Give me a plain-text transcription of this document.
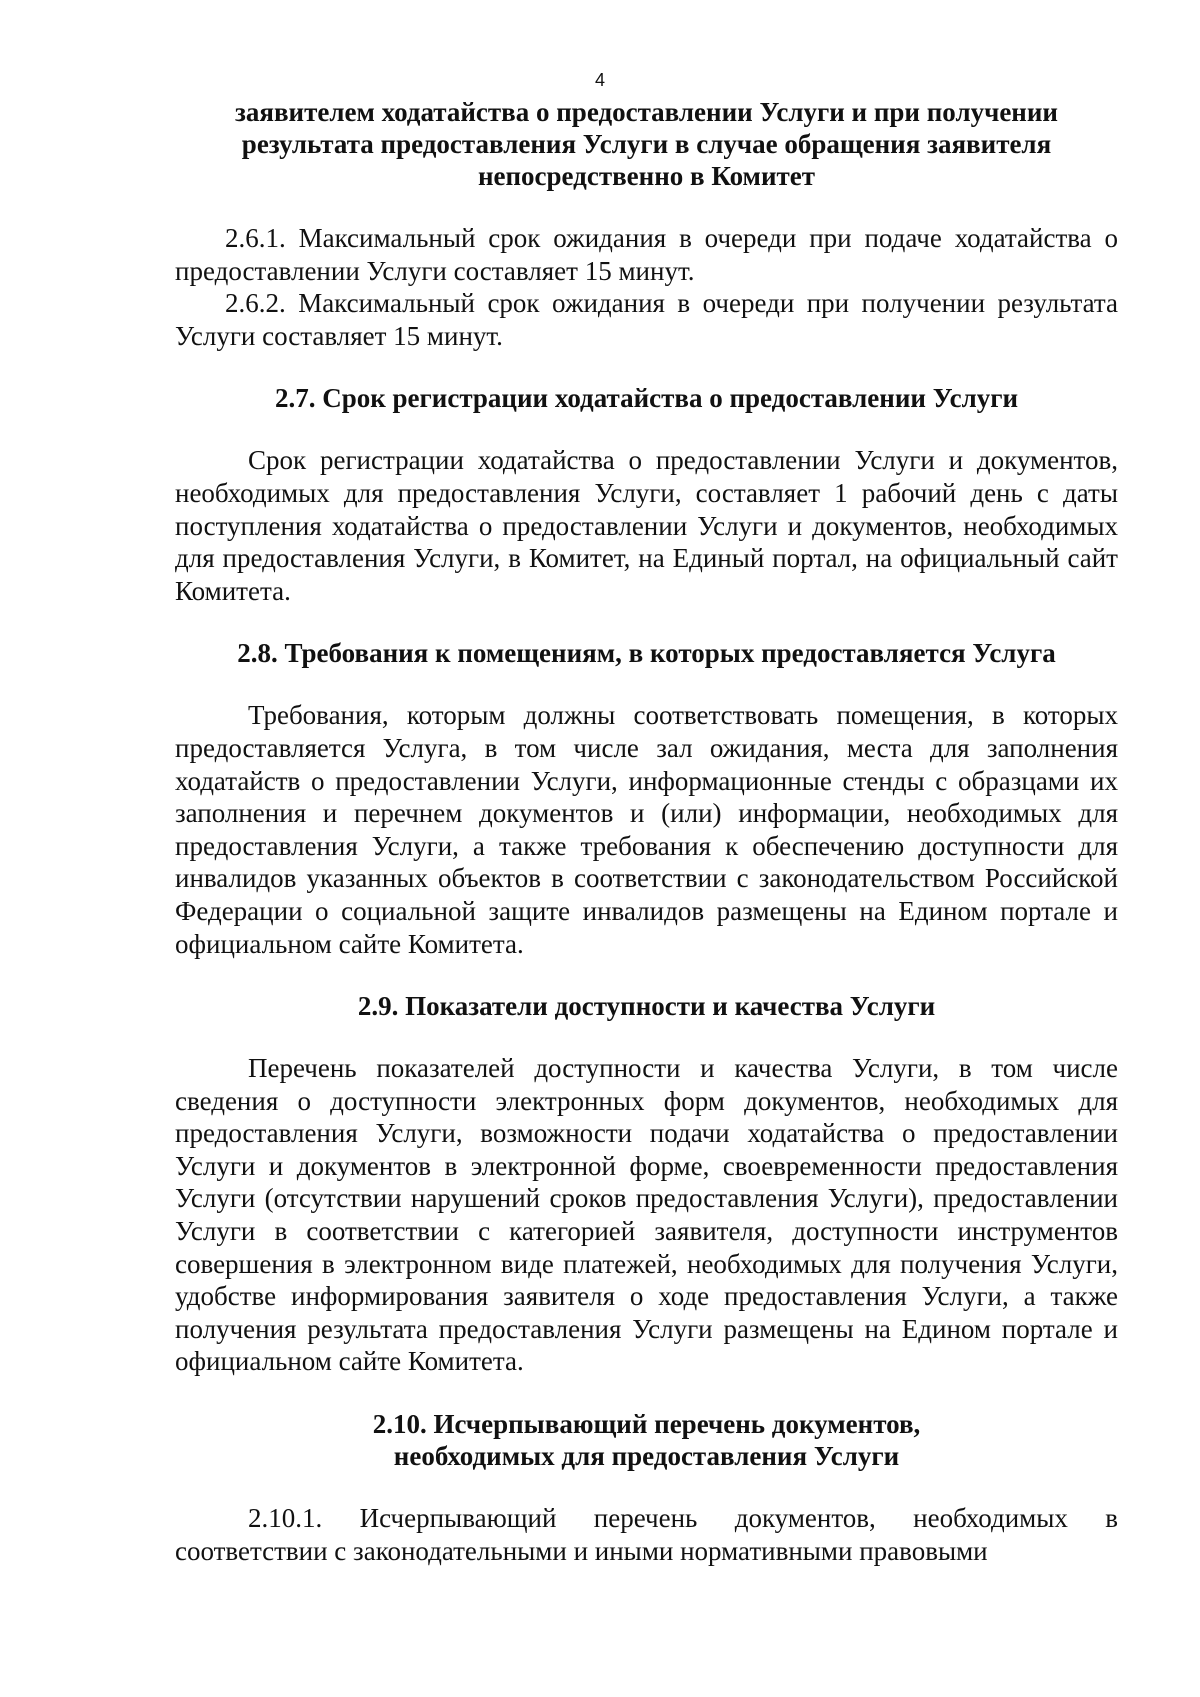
4

заявителем ходатайства о предоставлении Услуги и при получении результата предоставления Услуги в случае обращения заявителя непосредственно в Комитет

2.6.1. Максимальный срок ожидания в очереди при подаче ходатайства о предоставлении Услуги составляет 15 минут.

2.6.2. Максимальный срок ожидания в очереди при получении результата Услуги составляет 15 минут.

2.7. Срок регистрации ходатайства о предоставлении Услуги

Срок регистрации ходатайства о предоставлении Услуги и документов, необходимых для предоставления Услуги, составляет 1 рабочий день с даты поступления ходатайства о предоставлении Услуги и документов, необходимых для предоставления Услуги, в Комитет, на Единый портал, на официальный сайт Комитета.

2.8. Требования к помещениям, в которых предоставляется Услуга

Требования, которым должны соответствовать помещения, в которых предоставляется Услуга, в том числе зал ожидания, места для заполнения ходатайств о предоставлении Услуги, информационные стенды с образцами их заполнения и перечнем документов и (или) информации, необходимых для предоставления Услуги, а также требования к обеспечению доступности для инвалидов указанных объектов в соответствии с законодательством Российской Федерации о социальной защите инвалидов размещены на Едином портале и официальном сайте Комитета.

2.9. Показатели доступности и качества Услуги

Перечень показателей доступности и качества Услуги, в том числе сведения о доступности электронных форм документов, необходимых для предоставления Услуги, возможности подачи ходатайства о предоставлении Услуги и документов в электронной форме, своевременности предоставления Услуги (отсутствии нарушений сроков предоставления Услуги), предоставлении Услуги в соответствии с категорией заявителя, доступности инструментов совершения в электронном виде платежей, необходимых для получения Услуги, удобстве информирования заявителя о ходе предоставления Услуги, а также получения результата предоставления Услуги размещены на Едином портале и официальном сайте Комитета.

2.10. Исчерпывающий перечень документов,
необходимых для предоставления Услуги

2.10.1. Исчерпывающий перечень документов, необходимых в соответствии с законодательными и иными нормативными правовыми
